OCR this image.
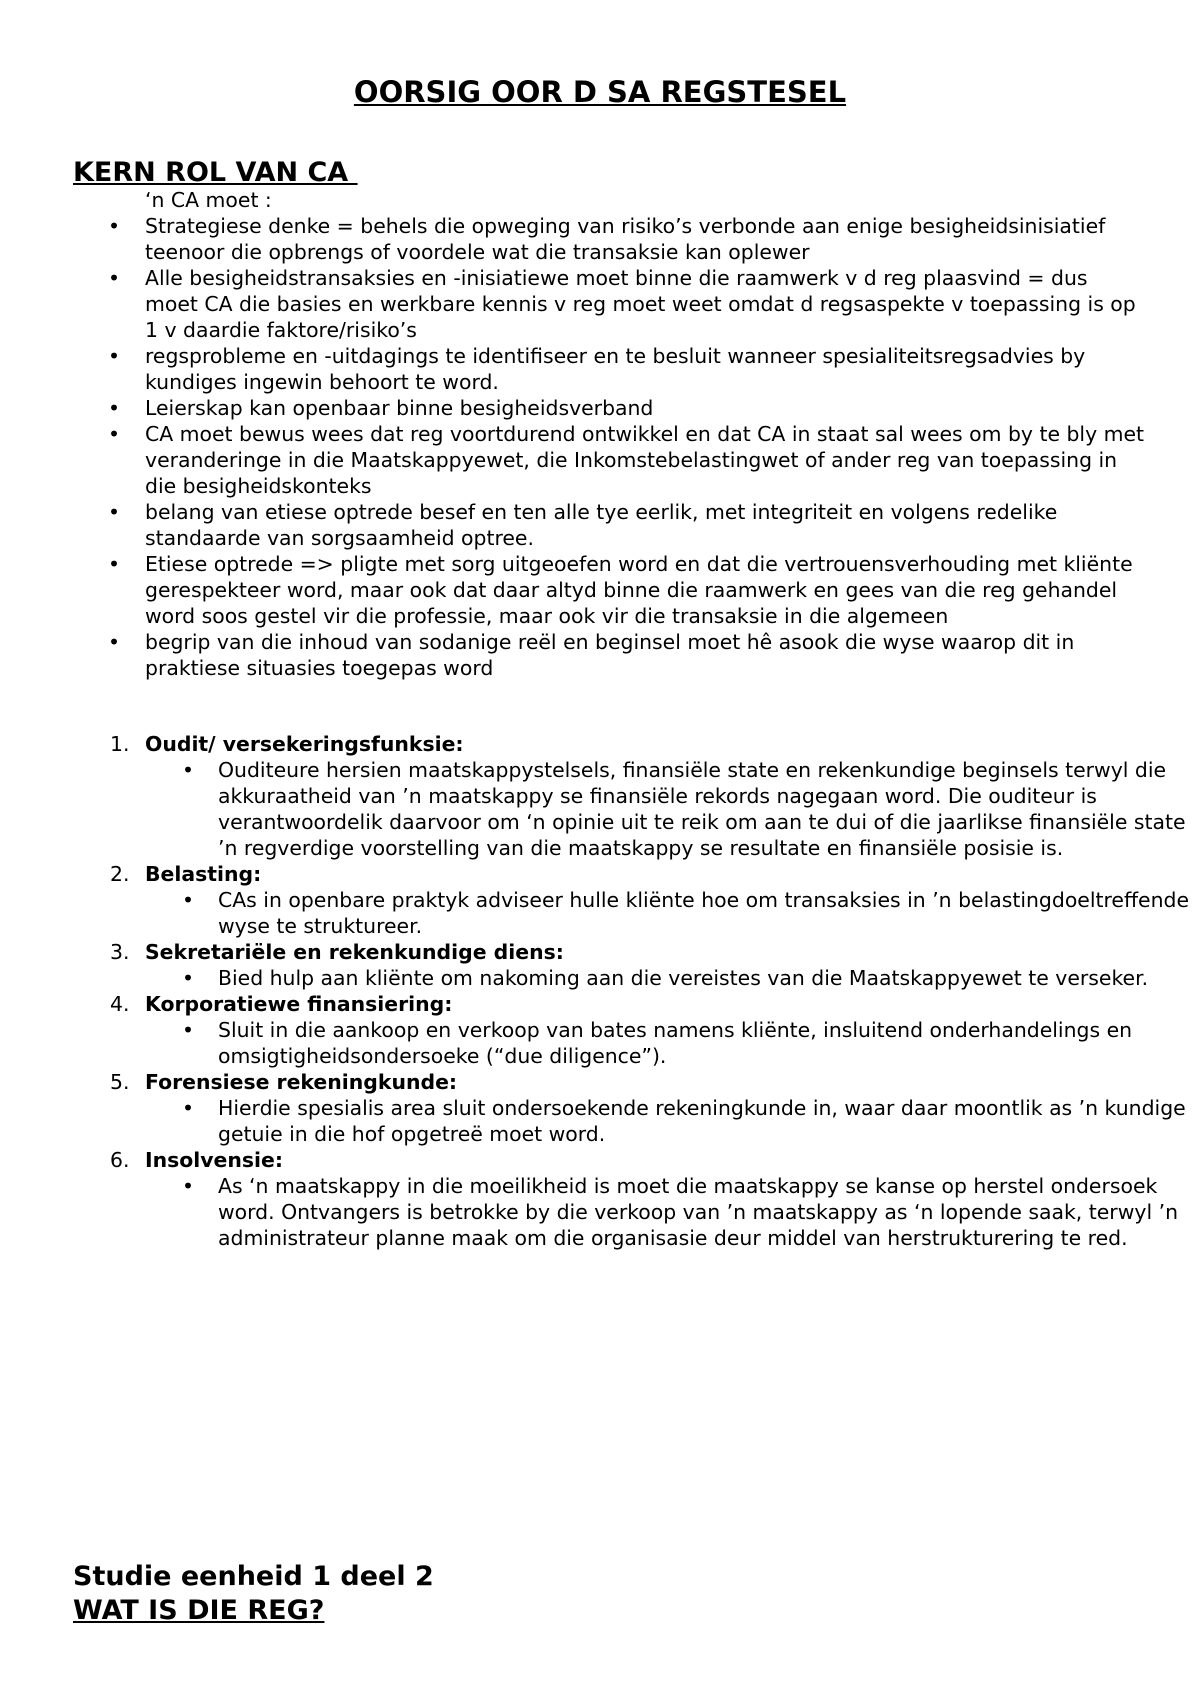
OORSIG OOR D SA REGSTESEL
KERN ROL VAN CA
‘n CA moet :
• Strategiese denke = behels die opweging van risiko’s verbonde aan enige besigheidsinisiatief teenoor die opbrengs of voordele wat die transaksie kan oplewer

• Alle besigheidstransaksies en -inisiatiewe moet binne die raamwerk v d reg plaasvind = dus moet CA die basies en werkbare kennis v reg moet weet omdat d regsaspekte v toepassing is op 1 v daardie faktore/risiko’s

• regsprobleme en -uitdagings te identifiseer en te besluit wanneer spesialiteitsregsadvies by kundiges ingewin behoort te word.

• Leierskap kan openbaar binne besigheidsverband

• CA moet bewus wees dat reg voortdurend ontwikkel en dat CA in staat sal wees om by te bly met veranderinge in die Maatskappyewet, die Inkomstebelastingwet of ander reg van toepassing in die besigheidskonteks

• belang van etiese optrede besef en ten alle tye eerlik, met integriteit en volgens redelike standaarde van sorgsaamheid optree.

• Etiese optrede => pligte met sorg uitgeoefen word en dat die vertrouensverhouding met kliënte gerespekteer word, maar ook dat daar altyd binne die raamwerk en gees van die reg gehandel word soos gestel vir die professie, maar ook vir die transaksie in die algemeen

• begrip van die inhoud van sodanige reël en beginsel moet hê asook die wyse waarop dit in praktiese situasies toegepas word

1. Oudit/ versekeringsfunksie:
• Ouditeure hersien maatskappystelsels, finansiële state en rekenkundige beginsels terwyl die akkuraatheid van ’n maatskappy se finansiële rekords nagegaan word. Die ouditeur is verantwoordelik daarvoor om ‘n opinie uit te reik om aan te dui of die jaarlikse finansiële state ’n regverdige voorstelling van die maatskappy se resultate en finansiële posisie is.

2. Belasting:
• CAs in openbare praktyk adviseer hulle kliënte hoe om transaksies in ’n belastingdoeltreffende wyse te struktureer.

3. Sekretariële en rekenkundige diens:
• Bied hulp aan kliënte om nakoming aan die vereistes van die Maatskappyewet te verseker.

4. Korporatiewe finansiering:
• Sluit in die aankoop en verkoop van bates namens kliënte, insluitend onderhandelings en omsigtigheidsondersoeke (“due diligence”).

5. Forensiese rekeningkunde:
• Hierdie spesialis area sluit ondersoekende rekeningkunde in, waar daar moontlik as ’n kundige getuie in die hof opgetreë moet word.

6. Insolvensie:
• As ‘n maatskappy in die moeilikheid is moet die maatskappy se kanse op herstel ondersoek word. Ontvangers is betrokke by die verkoop van ’n maatskappy as ‘n lopende saak, terwyl ’n administrateur planne maak om die organisasie deur middel van herstrukturering te red.

Studie eenheid 1 deel 2
WAT IS DIE REG?
